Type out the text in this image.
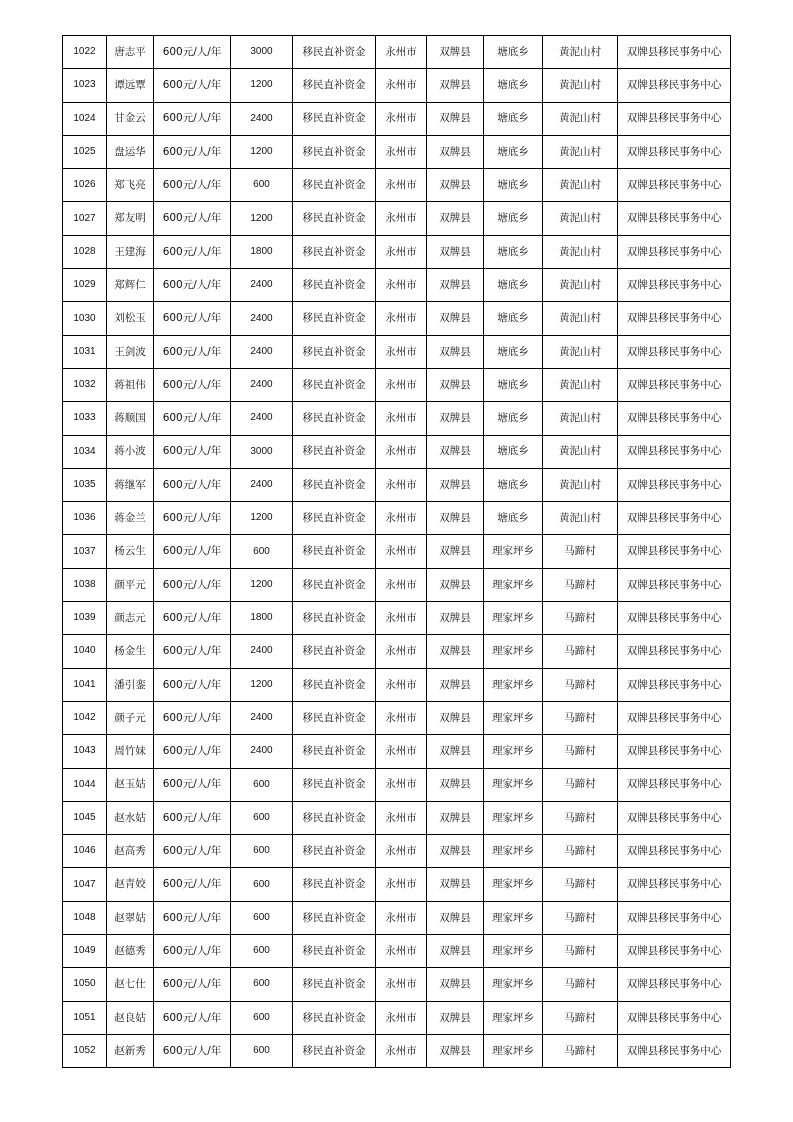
1022	唐志平	600元/人/年	3000	移民直补资金	永州市	双牌县	塘底乡	黄泥山村	双牌县移民事务中心
1023	谭远覃	600元/人/年	1200	移民直补资金	永州市	双牌县	塘底乡	黄泥山村	双牌县移民事务中心
1024	甘金云	600元/人/年	2400	移民直补资金	永州市	双牌县	塘底乡	黄泥山村	双牌县移民事务中心
1025	盘运华	600元/人/年	1200	移民直补资金	永州市	双牌县	塘底乡	黄泥山村	双牌县移民事务中心
1026	郑飞亮	600元/人/年	600	移民直补资金	永州市	双牌县	塘底乡	黄泥山村	双牌县移民事务中心
1027	郑友明	600元/人/年	1200	移民直补资金	永州市	双牌县	塘底乡	黄泥山村	双牌县移民事务中心
1028	王建海	600元/人/年	1800	移民直补资金	永州市	双牌县	塘底乡	黄泥山村	双牌县移民事务中心
1029	郑辉仁	600元/人/年	2400	移民直补资金	永州市	双牌县	塘底乡	黄泥山村	双牌县移民事务中心
1030	刘松玉	600元/人/年	2400	移民直补资金	永州市	双牌县	塘底乡	黄泥山村	双牌县移民事务中心
1031	王剑波	600元/人/年	2400	移民直补资金	永州市	双牌县	塘底乡	黄泥山村	双牌县移民事务中心
1032	蒋祖伟	600元/人/年	2400	移民直补资金	永州市	双牌县	塘底乡	黄泥山村	双牌县移民事务中心
1033	蒋顺国	600元/人/年	2400	移民直补资金	永州市	双牌县	塘底乡	黄泥山村	双牌县移民事务中心
1034	蒋小波	600元/人/年	3000	移民直补资金	永州市	双牌县	塘底乡	黄泥山村	双牌县移民事务中心
1035	蒋继军	600元/人/年	2400	移民直补资金	永州市	双牌县	塘底乡	黄泥山村	双牌县移民事务中心
1036	蒋金兰	600元/人/年	1200	移民直补资金	永州市	双牌县	塘底乡	黄泥山村	双牌县移民事务中心
1037	杨云生	600元/人/年	600	移民直补资金	永州市	双牌县	理家坪乡	马蹄村	双牌县移民事务中心
1038	颜平元	600元/人/年	1200	移民直补资金	永州市	双牌县	理家坪乡	马蹄村	双牌县移民事务中心
1039	颜志元	600元/人/年	1800	移民直补资金	永州市	双牌县	理家坪乡	马蹄村	双牌县移民事务中心
1040	杨金生	600元/人/年	2400	移民直补资金	永州市	双牌县	理家坪乡	马蹄村	双牌县移民事务中心
1041	潘引銮	600元/人/年	1200	移民直补资金	永州市	双牌县	理家坪乡	马蹄村	双牌县移民事务中心
1042	颜子元	600元/人/年	2400	移民直补资金	永州市	双牌县	理家坪乡	马蹄村	双牌县移民事务中心
1043	周竹妹	600元/人/年	2400	移民直补资金	永州市	双牌县	理家坪乡	马蹄村	双牌县移民事务中心
1044	赵玉姑	600元/人/年	600	移民直补资金	永州市	双牌县	理家坪乡	马蹄村	双牌县移民事务中心
1045	赵水姑	600元/人/年	600	移民直补资金	永州市	双牌县	理家坪乡	马蹄村	双牌县移民事务中心
1046	赵高秀	600元/人/年	600	移民直补资金	永州市	双牌县	理家坪乡	马蹄村	双牌县移民事务中心
1047	赵青姣	600元/人/年	600	移民直补资金	永州市	双牌县	理家坪乡	马蹄村	双牌县移民事务中心
1048	赵翠姑	600元/人/年	600	移民直补资金	永州市	双牌县	理家坪乡	马蹄村	双牌县移民事务中心
1049	赵德秀	600元/人/年	600	移民直补资金	永州市	双牌县	理家坪乡	马蹄村	双牌县移民事务中心
1050	赵七仕	600元/人/年	600	移民直补资金	永州市	双牌县	理家坪乡	马蹄村	双牌县移民事务中心
1051	赵良姑	600元/人/年	600	移民直补资金	永州市	双牌县	理家坪乡	马蹄村	双牌县移民事务中心
1052	赵新秀	600元/人/年	600	移民直补资金	永州市	双牌县	理家坪乡	马蹄村	双牌县移民事务中心
